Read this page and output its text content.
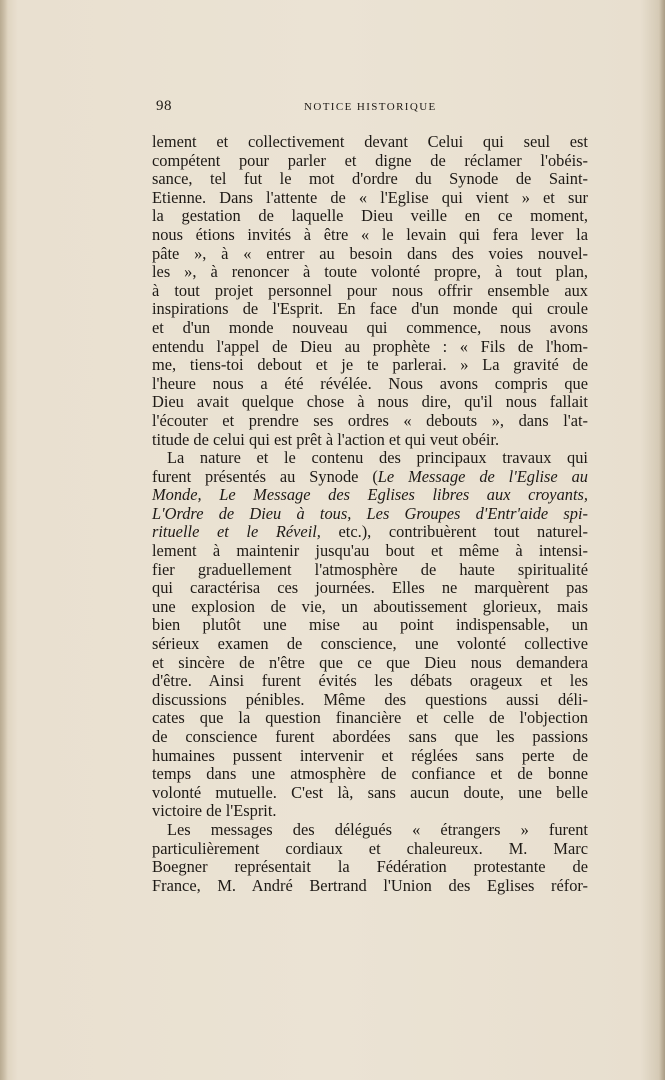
98	NOTICE HISTORIQUE
lement et collectivement devant Celui qui seul est
compétent pour parler et digne de réclamer l'obéis-
sance, tel fut le mot d'ordre du Synode de Saint-
Etienne. Dans l'attente de « l'Eglise qui vient » et sur
la gestation de laquelle Dieu veille en ce moment,
nous étions invités à être « le levain qui fera lever la
pâte », à « entrer au besoin dans des voies nouvel-
les », à renoncer à toute volonté propre, à tout plan,
à tout projet personnel pour nous offrir ensemble aux
inspirations de l'Esprit. En face d'un monde qui croule
et d'un monde nouveau qui commence, nous avons
entendu l'appel de Dieu au prophète : « Fils de l'hom-
me, tiens-toi debout et je te parlerai. » La gravité de
l'heure nous a été révélée. Nous avons compris que
Dieu avait quelque chose à nous dire, qu'il nous fallait
l'écouter et prendre ses ordres « debouts », dans l'at-
titude de celui qui est prêt à l'action et qui veut obéir.
La nature et le contenu des principaux travaux qui
furent présentés au Synode (Le Message de l'Eglise au
Monde, Le Message des Eglises libres aux croyants,
L'Ordre de Dieu à tous, Les Groupes d'Entr'aide spi-
rituelle et le Réveil, etc.), contribuèrent tout naturel-
lement à maintenir jusqu'au bout et même à intensi-
fier graduellement l'atmosphère de haute spiritualité
qui caractérisa ces journées. Elles ne marquèrent pas
une explosion de vie, un aboutissement glorieux, mais
bien plutôt une mise au point indispensable, un
sérieux examen de conscience, une volonté collective
et sincère de n'être que ce que Dieu nous demandera
d'être. Ainsi furent évités les débats orageux et les
discussions pénibles. Même des questions aussi déli-
cates que la question financière et celle de l'objection
de conscience furent abordées sans que les passions
humaines pussent intervenir et réglées sans perte de
temps dans une atmosphère de confiance et de bonne
volonté mutuelle. C'est là, sans aucun doute, une belle
victoire de l'Esprit.
Les messages des délégués « étrangers » furent
particulièrement cordiaux et chaleureux. M. Marc
Boegner représentait la Fédération protestante de
France, M. André Bertrand l'Union des Eglises réfor-
